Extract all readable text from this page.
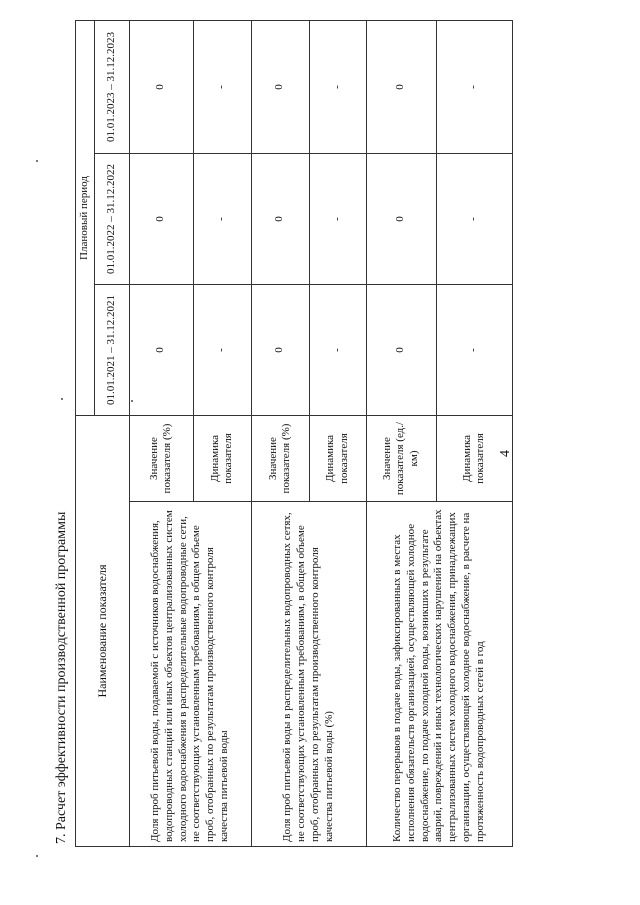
4
7. Расчет эффективности производственной программы Наименование показателя		Плановый период		
		01.01.2021 – 31.12.2021	01.01.2022 – 31.12.2022	01.01.2023 – 31.12.2023
Доля проб питьевой воды, подаваемой с источников водоснабжения, водопроводных станций или иных объектов централизованных систем холодного водоснабжения в распределительные водопроводные сети, не соответствующих установленным требованиям, в общем объеме проб, отобранных по результатам производственного контроля качества питьевой воды	Значение показателя (%)	0	0	0
	Динамика показателя	-	-	-
Доля проб питьевой воды в распределительных водопроводных сетях, не соответствующих установленным требованиям, в общем объеме проб, отобранных по результатам производственного контроля качества питьевой воды (%)	Значение показателя (%)	0	0	0
	Динамика показателя	-	-	-
Количество перерывов в подаче воды, зафиксированных в местах исполнения обязательств организацией, осуществляющей холодное водоснабжение, по подаче холодной воды, возникших в результате аварий, повреждений и иных технологических нарушений на объектах централизованных систем холодного водоснабжения, принадлежащих организации, осуществляющей холодное водоснабжение, в расчете на протяженность водопроводных сетей в год	Значение показателя (ед./км)	0	0	0
	Динамика показателя	-	-	-
